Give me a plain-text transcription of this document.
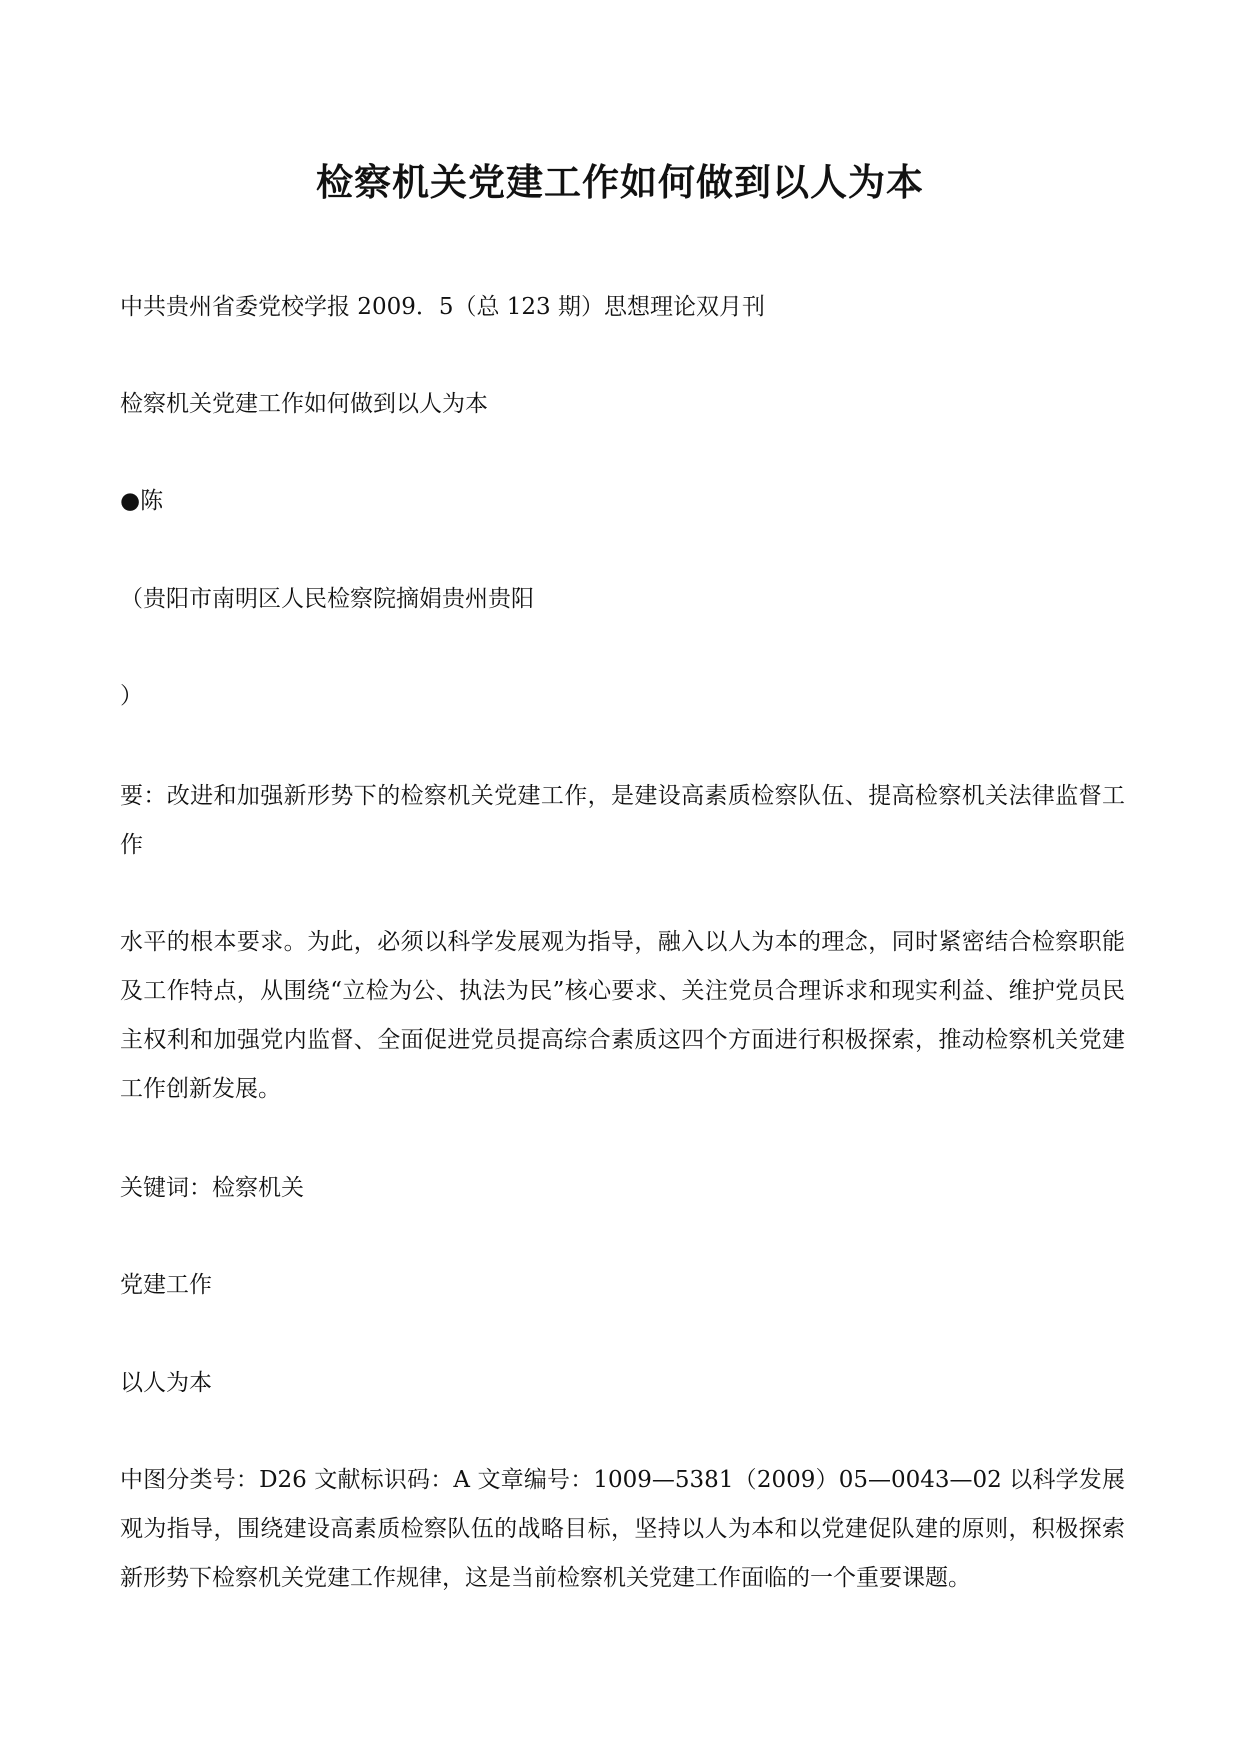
检察机关党建工作如何做到以人为本

中共贵州省委党校学报 2009．5（总 123 期）思想理论双月刊

检察机关党建工作如何做到以人为本

●陈

（贵阳市南明区人民检察院摘娟贵州贵阳

）

要：改进和加强新形势下的检察机关党建工作，是建设高素质检察队伍、提高检察机关法律监督工作

水平的根本要求。为此，必须以科学发展观为指导，融入以人为本的理念，同时紧密结合检察职能及工作特点，从围绕“立检为公、执法为民”核心要求、关注党员合理诉求和现实利益、维护党员民主权利和加强党内监督、全面促进党员提高综合素质这四个方面进行积极探索，推动检察机关党建工作创新发展。

关键词：检察机关

党建工作

以人为本

中图分类号：D26 文献标识码：A 文章编号：1009—5381（2009）05—0043—02 以科学发展观为指导，围绕建设高素质检察队伍的战略目标，坚持以人为本和以党建促队建的原则，积极探索新形势下检察机关党建工作规律，这是当前检察机关党建工作面临的一个重要课题。
